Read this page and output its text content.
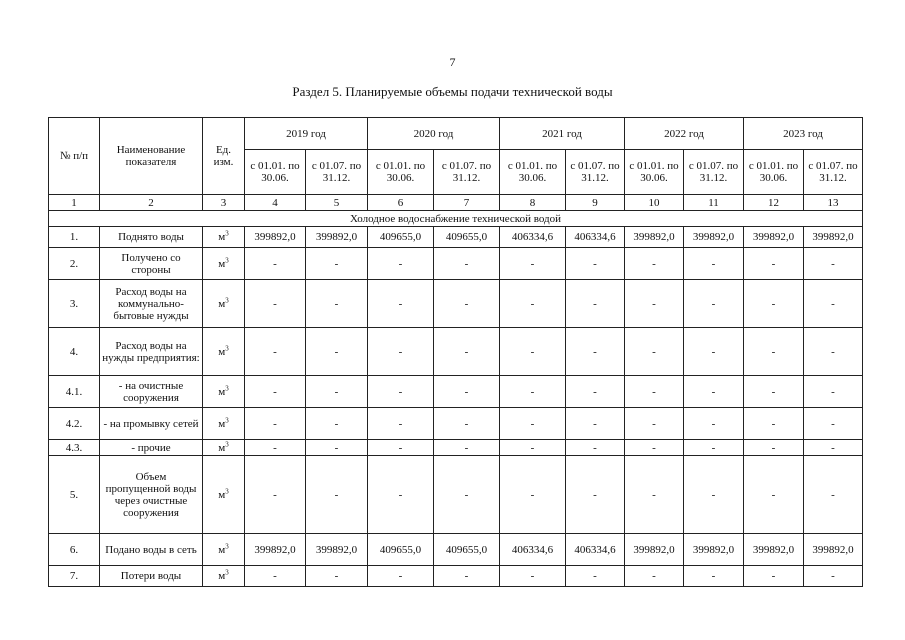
7
Раздел 5. Планируемые объемы подачи технической воды
№ п/п	Наименование показателя	Ед. изм.	2019 год		2020 год		2021 год		2022 год		2023 год	
			с 01.01. по 30.06.	с 01.07. по 31.12.	с 01.01. по 30.06.	с 01.07. по 31.12.	с 01.01. по 30.06.	с 01.07. по 31.12.	с 01.01. по 30.06.	с 01.07. по 31.12.	с 01.01. по 30.06.	с 01.07. по 31.12.
1	2	3	4	5	6	7	8	9	10	11	12	13
Холодное водоснабжение технической водой												
1.	Поднято воды	$м^3$	399892,0	399892,0	409655,0	409655,0	406334,6	406334,6	399892,0	399892,0	399892,0	399892,0
2.	Получено со стороны	$м^3$	-	-	-	-	-	-	-	-	-	-
3.	Расход воды на коммунально-бытовые нужды	$м^3$	-	-	-	-	-	-	-	-	-	-
4.	Расход воды на нужды предприятия:	$м^3$	-	-	-	-	-	-	-	-	-	-
4.1.	- на очистные сооружения	$м^3$	-	-	-	-	-	-	-	-	-	-
4.2.	- на промывку сетей	$м^3$	-	-	-	-	-	-	-	-	-	-
4.3.	- прочие	$м^3$	-	-	-	-	-	-	-	-	-	-
5.	Объем пропущенной воды через очистные сооружения	$м^3$	-	-	-	-	-	-	-	-	-	-
6.	Подано воды в сеть	$м^3$	399892,0	399892,0	409655,0	409655,0	406334,6	406334,6	399892,0	399892,0	399892,0	399892,0
7.	Потери воды	$м^3$	-	-	-	-	-	-	-	-	-	-
